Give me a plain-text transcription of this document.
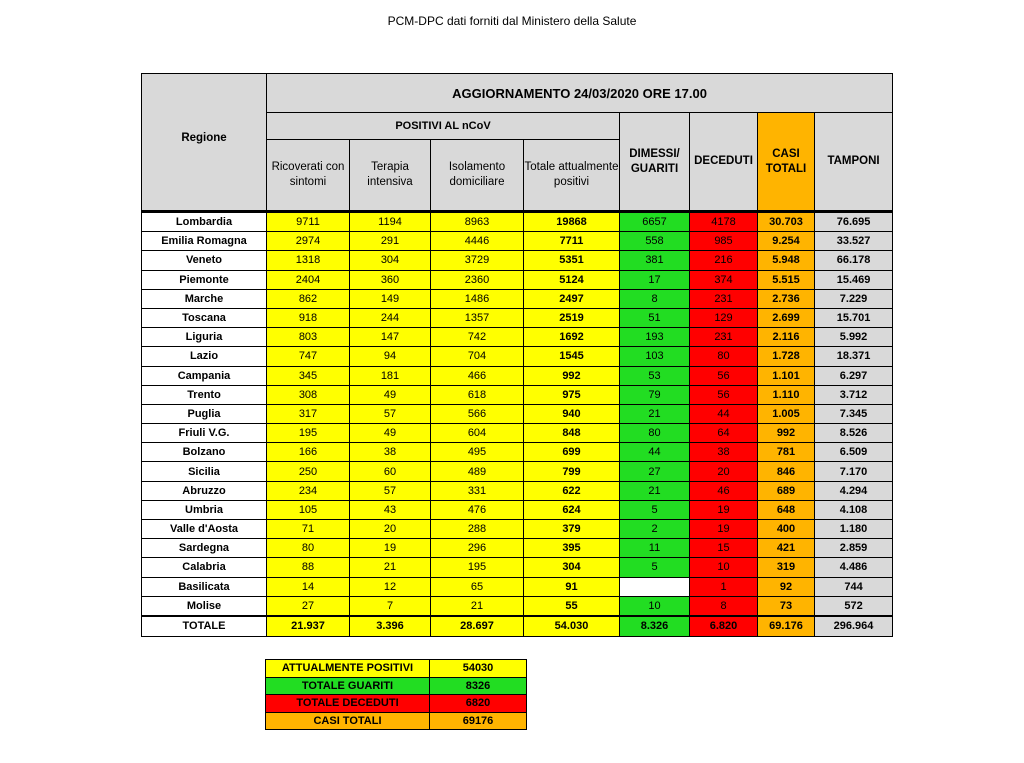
PCM-DPC dati forniti dal Ministero della Salute
Regione	AGGIORNAMENTO 24/03/2020 ORE 17.00							
	POSITIVI AL nCoV				DIMESSI/ GUARITI	DECEDUTI	CASI TOTALI	TAMPONI
	Ricoverati con sintomi	Terapia intensiva	Isolamento domiciliare	Totale attualmente positivi				
Lombardia	9711	1194	8963	19868	6657	4178	30.703	76.695
Emilia Romagna	2974	291	4446	7711	558	985	9.254	33.527
Veneto	1318	304	3729	5351	381	216	5.948	66.178
Piemonte	2404	360	2360	5124	17	374	5.515	15.469
Marche	862	149	1486	2497	8	231	2.736	7.229
Toscana	918	244	1357	2519	51	129	2.699	15.701
Liguria	803	147	742	1692	193	231	2.116	5.992
Lazio	747	94	704	1545	103	80	1.728	18.371
Campania	345	181	466	992	53	56	1.101	6.297
Trento	308	49	618	975	79	56	1.110	3.712
Puglia	317	57	566	940	21	44	1.005	7.345
Friuli V.G.	195	49	604	848	80	64	992	8.526
Bolzano	166	38	495	699	44	38	781	6.509
Sicilia	250	60	489	799	27	20	846	7.170
Abruzzo	234	57	331	622	21	46	689	4.294
Umbria	105	43	476	624	5	19	648	4.108
Valle d'Aosta	71	20	288	379	2	19	400	1.180
Sardegna	80	19	296	395	11	15	421	2.859
Calabria	88	21	195	304	5	10	319	4.486
Basilicata	14	12	65	91		1	92	744
Molise	27	7	21	55	10	8	73	572
TOTALE	21.937	3.396	28.697	54.030	8.326	6.820	69.176	296.964
ATTUALMENTE POSITIVI	54030
TOTALE GUARITI	8326
TOTALE DECEDUTI	6820
CASI TOTALI	69176
